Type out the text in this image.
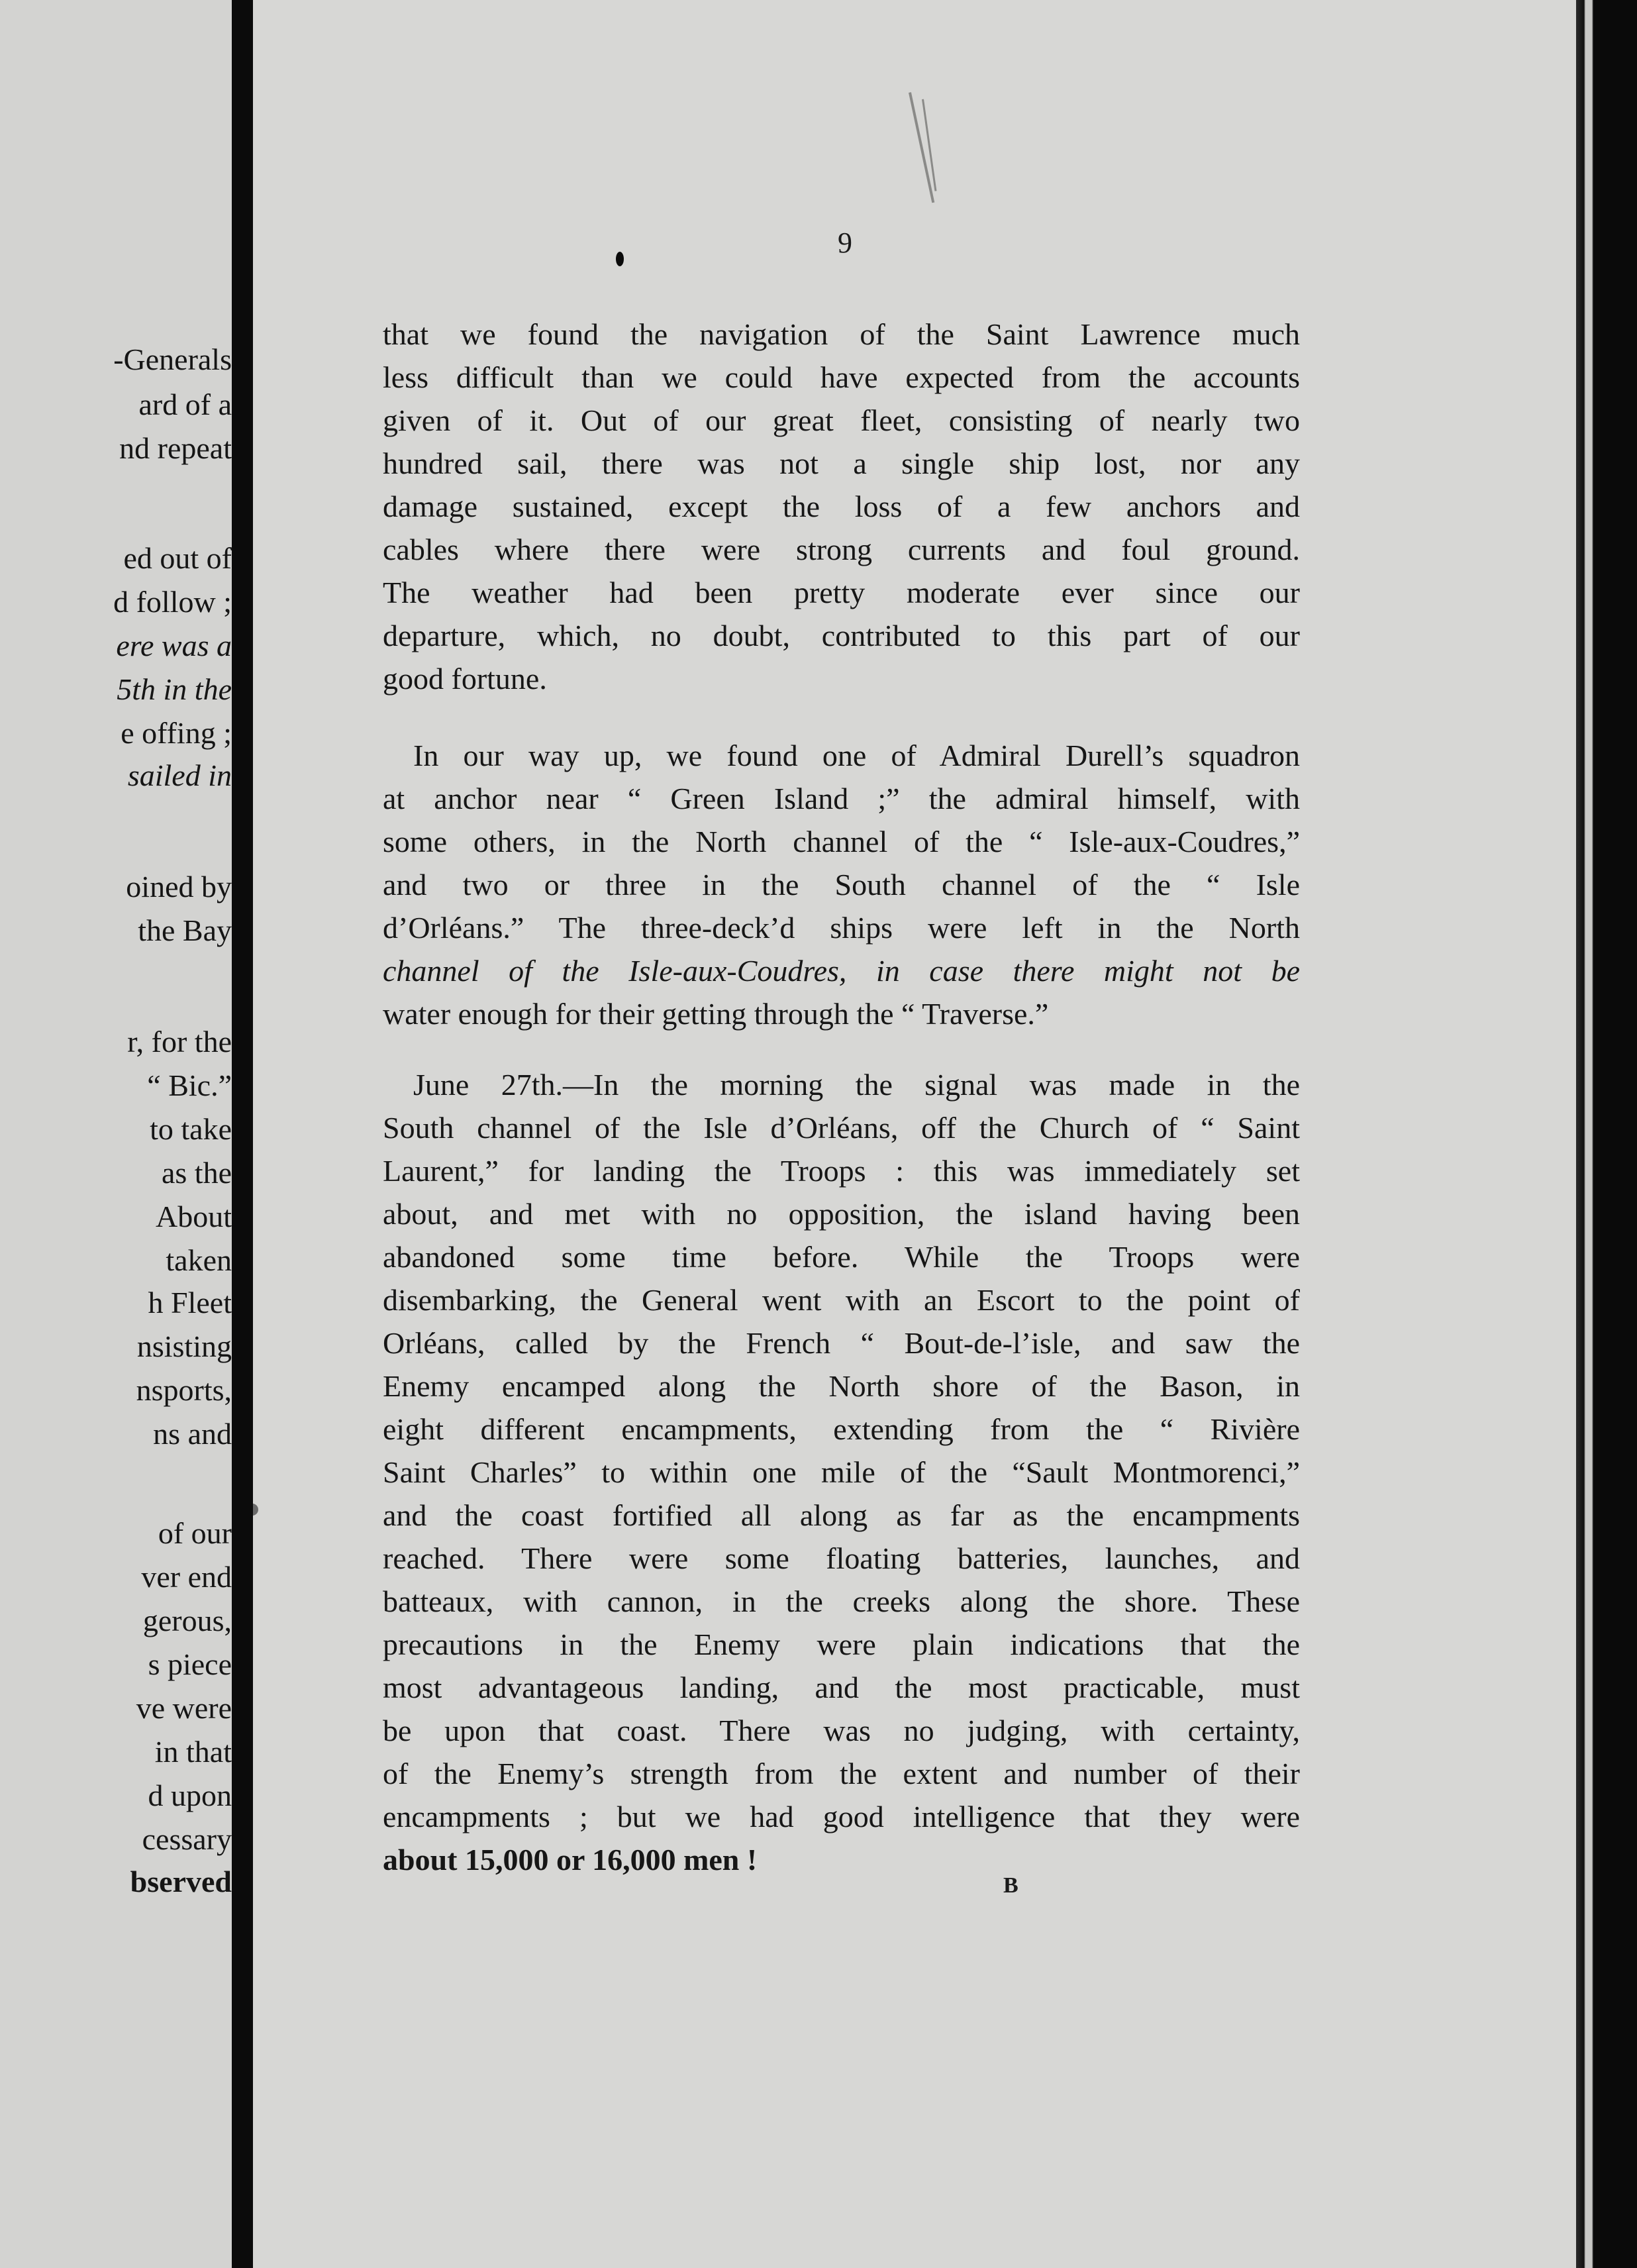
-Generals
ard of a
nd repeat
ed out of
d follow ;
ere was a
5th in the
e offing ;
sailed in
oined by
the Bay
r, for the
“ Bic.”
to take
as the
About
taken
h Fleet
nsisting
nsports,
ns and
of our
ver end
gerous,
s piece
ve were
in that
d upon
cessary
bserved
9
that we found the navigation of the Saint Lawrence much
less difficult than we could have expected from the accounts
given of it. Out of our great fleet, consisting of nearly two
hundred sail, there was not a single ship lost, nor any
damage sustained, except the loss of a few anchors and
cables where there were strong currents and foul ground.
The weather had been pretty moderate ever since our
departure, which, no doubt, contributed to this part of our
good fortune.
In our way up, we found one of Admiral Durell’s squadron
at anchor near “ Green Island ;” the admiral himself, with
some others, in the North channel of the “ Isle-aux-Coudres,”
and two or three in the South channel of the “ Isle
d’Orléans.” The three-deck’d ships were left in the North
channel of the Isle-aux-Coudres, in case there might not be
water enough for their getting through the “ Traverse.”
June 27th.—In the morning the signal was made in the
South channel of the Isle d’Orléans, off the Church of “ Saint
Laurent,” for landing the Troops : this was immediately set
about, and met with no opposition, the island having been
abandoned some time before. While the Troops were
disembarking, the General went with an Escort to the point of
Orléans, called by the French “ Bout-de-l’isle, and saw the
Enemy encamped along the North shore of the Bason, in
eight different encampments, extending from the “ Rivière
Saint Charles” to within one mile of the “Sault Montmorenci,”
and the coast fortified all along as far as the encampments
reached. There were some floating batteries, launches, and
batteaux, with cannon, in the creeks along the shore. These
precautions in the Enemy were plain indications that the
most advantageous landing, and the most practicable, must
be upon that coast. There was no judging, with certainty,
of the Enemy’s strength from the extent and number of their
encampments ; but we had good intelligence that they were
about 15,000 or 16,000 men !
B
